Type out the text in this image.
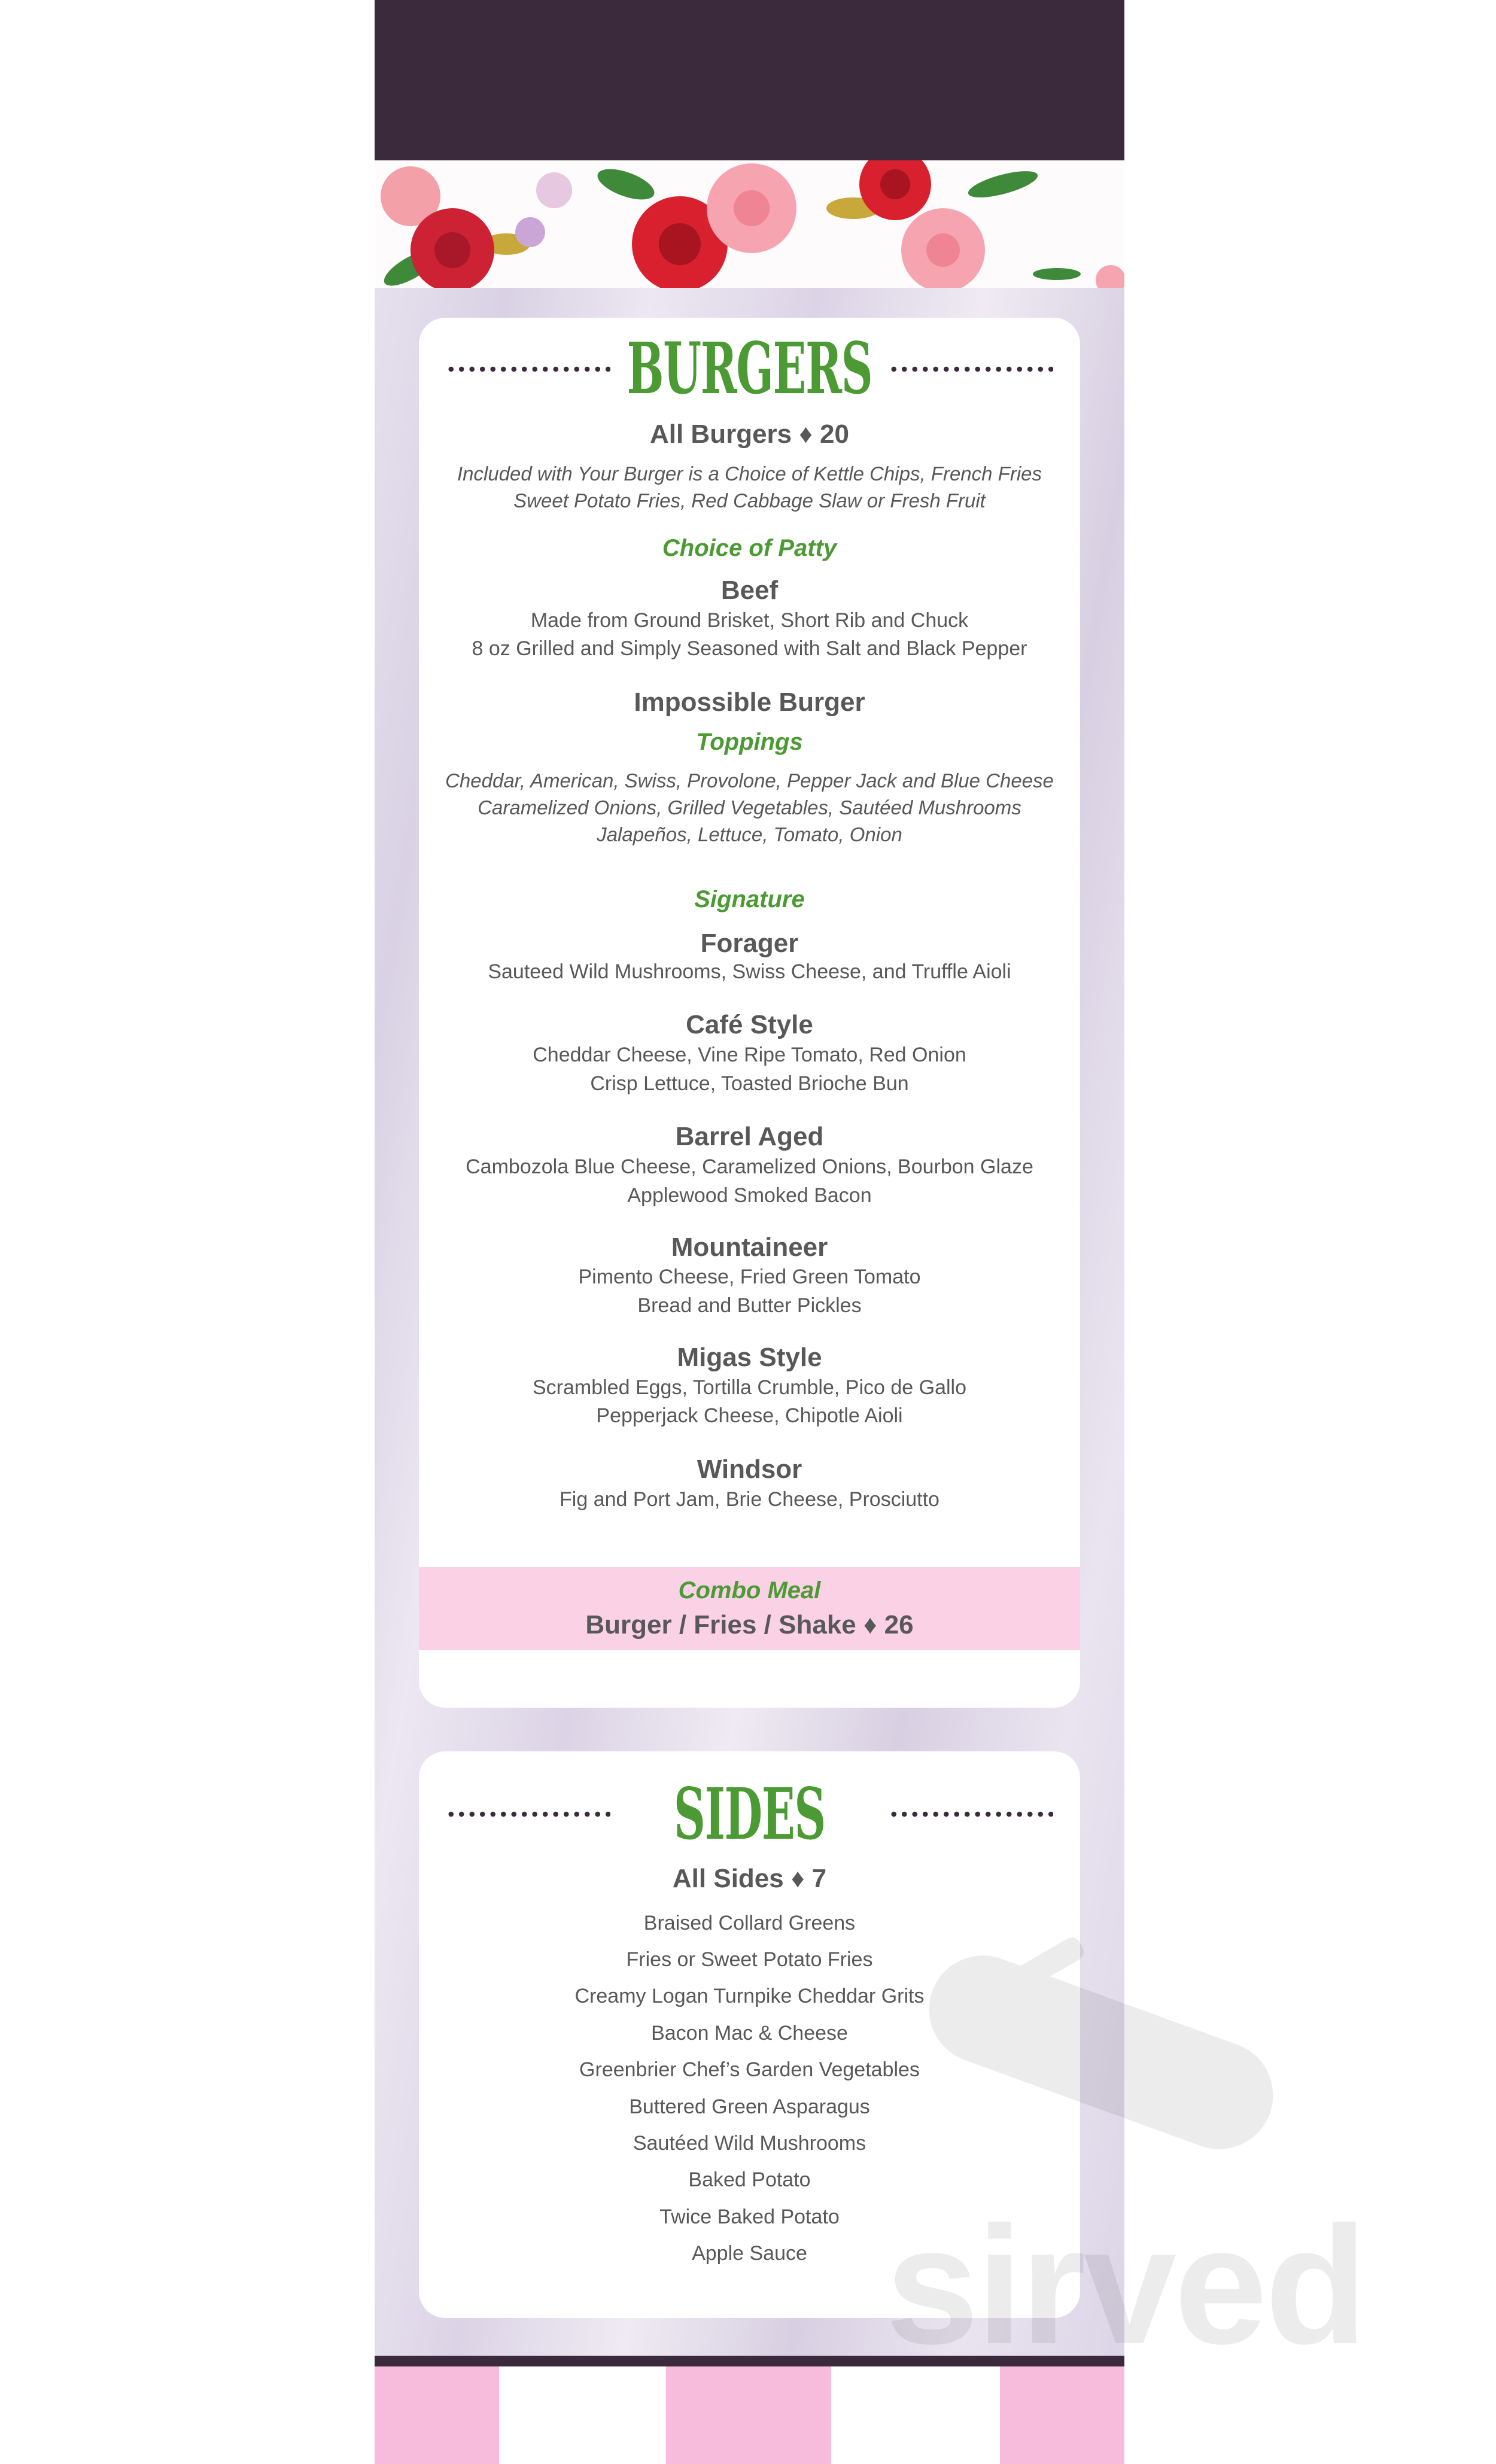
BURGERS
All Burgers ♦ 20
Included with Your Burger is a Choice of Kettle Chips, French Fries
Sweet Potato Fries, Red Cabbage Slaw or Fresh Fruit
Choice of Patty
Beef
Made from Ground Brisket, Short Rib and Chuck
8 oz Grilled and Simply Seasoned with Salt and Black Pepper
Impossible Burger
Toppings
Cheddar, American, Swiss, Provolone, Pepper Jack and Blue Cheese
Caramelized Onions, Grilled Vegetables, Sautéed Mushrooms
Jalapeños, Lettuce, Tomato, Onion
Signature
Forager
Sauteed Wild Mushrooms, Swiss Cheese, and Truffle Aioli
Café Style
Cheddar Cheese, Vine Ripe Tomato, Red Onion
Crisp Lettuce, Toasted Brioche Bun
Barrel Aged
Cambozola Blue Cheese, Caramelized Onions, Bourbon Glaze
Applewood Smoked Bacon
Mountaineer
Pimento Cheese, Fried Green Tomato
Bread and Butter Pickles
Migas Style
Scrambled Eggs, Tortilla Crumble, Pico de Gallo
Pepperjack Cheese, Chipotle Aioli
Windsor
Fig and Port Jam, Brie Cheese, Prosciutto
Combo Meal
Burger / Fries / Shake ♦ 26
SIDES
All Sides ♦ 7
Braised Collard Greens
Fries or Sweet Potato Fries
Creamy Logan Turnpike Cheddar Grits
Bacon Mac & Cheese
Greenbrier Chef’s Garden Vegetables
Buttered Green Asparagus
Sautéed Wild Mushrooms
Baked Potato
Twice Baked Potato
Apple Sauce sirved
